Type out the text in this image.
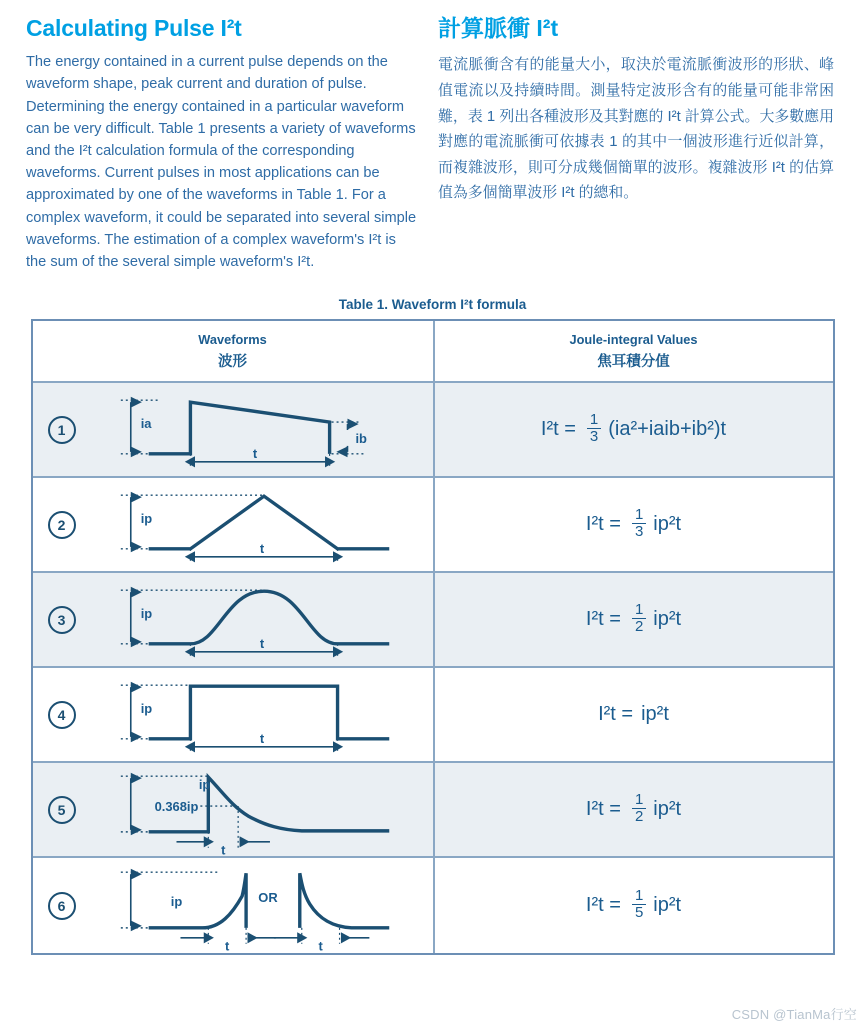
Calculating Pulse I²t

The energy contained in a current pulse depends on the waveform shape, peak current and duration of pulse. Determining the energy contained in a particular waveform can be very difficult. Table 1 presents a variety of waveforms and the I²t calculation formula of the corresponding waveforms. Current pulses in most applications can be approximated by one of the waveforms in Table 1. For a complex waveform, it could be separated into several simple waveforms. The estimation of a complex waveform's I²t is the sum of the several simple waveform's I²t.

計算脈衝 I²t

電流脈衝含有的能量大小，取決於電流脈衝波形的形狀、峰值電流以及持續時間。測量特定波形含有的能量可能非常困難，表 1 列出各種波形及其對應的 I²t 計算公式。大多數應用對應的電流脈衝可依據表 1 的其中一個波形進行近似計算，而複雜波形，則可分成幾個簡單的波形。複雜波形 I²t 的估算值為多個簡單波形 I²t 的總和。

Table 1. Waveform I²t formula
Waveforms
波形
Joule-integral Values
焦耳積分值
1	ia
ib
t
$I^2t = \frac{1}{3}$ (ia²+iaib+ib²)t
2	ip
t
$I^2t = \frac{1}{3} ip^2t$
3	ip
t
$I^2t = \frac{1}{2} ip^2t$
4	ip
t
I²t = ip²t
5
ip
0.368ip
t
$I^2t = \frac{1}{2} ip^2t$
6	ip	OR
t	t
$I^2t = \frac{1}{5} ip^2t$
CSDN @TianMa行空
